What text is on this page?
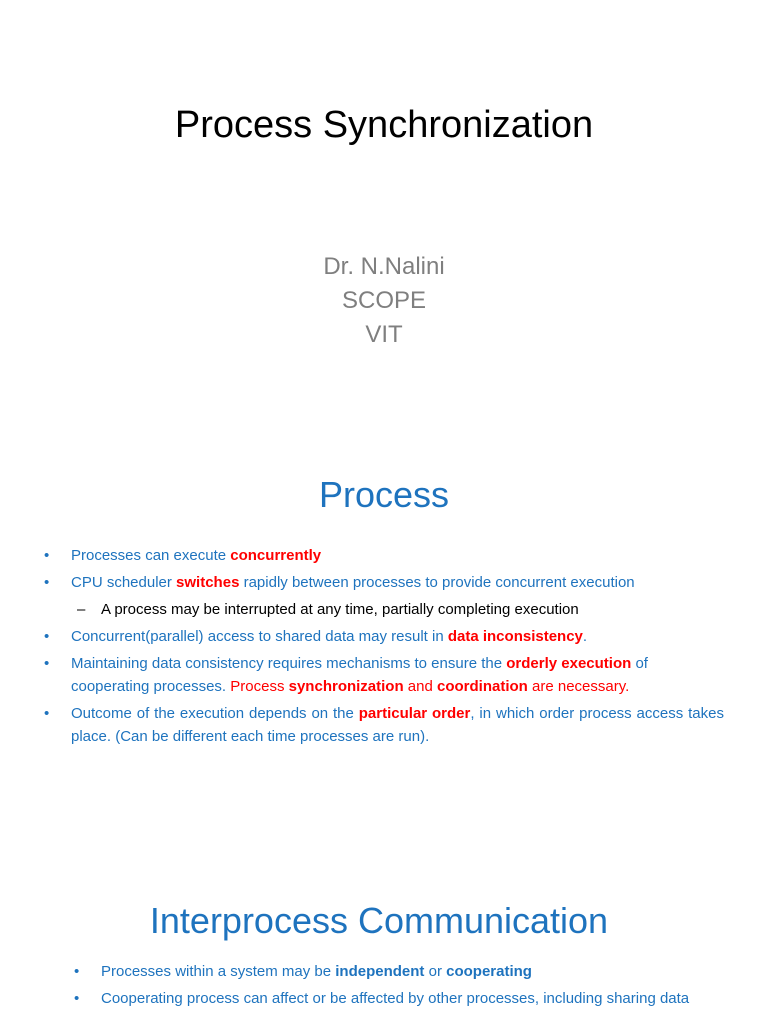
Process Synchronization
Dr. N.Nalini
SCOPE
VIT
Process
• Processes can execute concurrently
• CPU scheduler switches rapidly between processes to provide concurrent execution
– A process may be interrupted at any time, partially completing execution
• Concurrent(parallel) access to shared data may result in data inconsistency.
• Maintaining data consistency requires mechanisms to ensure the orderly execution of cooperating processes. Process synchronization and coordination are necessary.
• Outcome of the execution depends on the particular order, in which order process access takes place. (Can be different each time processes are run).
Interprocess Communication
• Processes within a system may be independent or cooperating
• Cooperating process can affect or be affected by other processes, including sharing data
